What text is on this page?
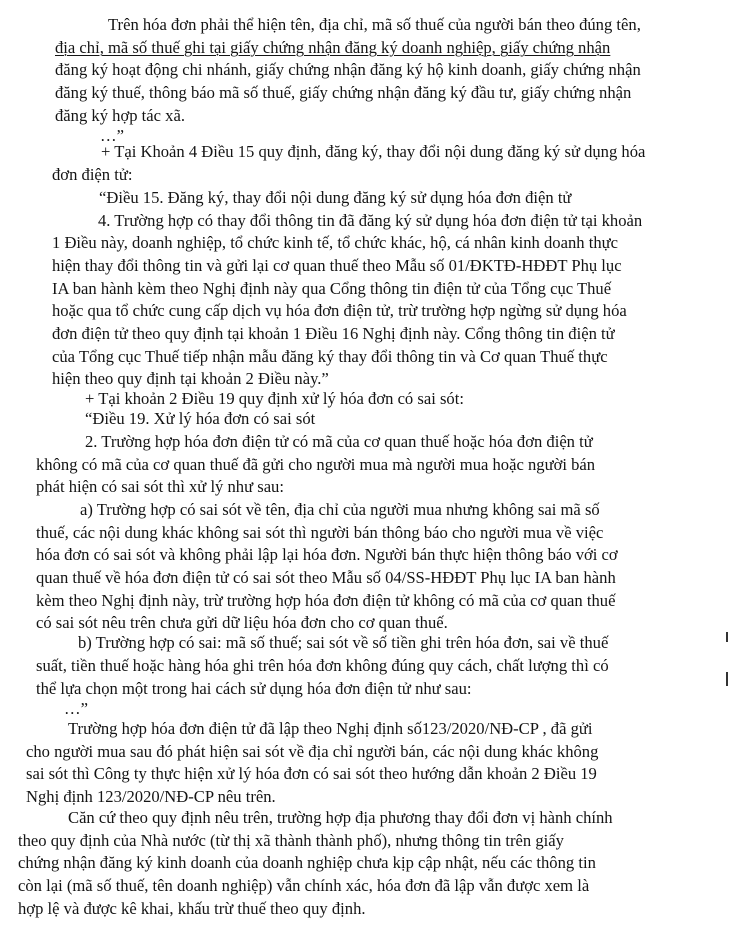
Trên hóa đơn phải thể hiện tên, địa chỉ, mã số thuế của người bán theo đúng tên,

địa chỉ, mã số thuế ghi tại giấy chứng nhận đăng ký doanh nghiệp, giấy chứng nhận

đăng ký hoạt động chi nhánh, giấy chứng nhận đăng ký hộ kinh doanh, giấy chứng nhận

đăng ký thuế, thông báo mã số thuế, giấy chứng nhận đăng ký đầu tư, giấy chứng nhận

đăng ký hợp tác xã.

…”

+ Tại Khoản 4 Điều 15 quy định, đăng ký, thay đổi nội dung đăng ký sử dụng hóa

đơn điện tử:

“Điều 15. Đăng ký, thay đổi nội dung đăng ký sử dụng hóa đơn điện tử

4. Trường hợp có thay đổi thông tin đã đăng ký sử dụng hóa đơn điện tử tại khoản

1 Điều này, doanh nghiệp, tổ chức kinh tế, tổ chức khác, hộ, cá nhân kinh doanh thực

hiện thay đổi thông tin và gửi lại cơ quan thuế theo Mẫu số 01/ĐKTĐ-HĐĐT Phụ lục

IA ban hành kèm theo Nghị định này qua Cổng thông tin điện tử của Tổng cục Thuế

hoặc qua tổ chức cung cấp dịch vụ hóa đơn điện tử, trừ trường hợp ngừng sử dụng hóa

đơn điện tử theo quy định tại khoản 1 Điều 16 Nghị định này. Cổng thông tin điện tử

của Tổng cục Thuế tiếp nhận mẫu đăng ký thay đổi thông tin và Cơ quan Thuế thực

hiện theo quy định tại khoản 2 Điều này.”

+ Tại khoản 2 Điều 19 quy định xử lý hóa đơn có sai sót:

“Điều 19. Xử lý hóa đơn có sai sót

2. Trường hợp hóa đơn điện tử có mã của cơ quan thuế hoặc hóa đơn điện tử

không có mã của cơ quan thuế đã gửi cho người mua mà người mua hoặc người bán

phát hiện có sai sót thì xử lý như sau:

a) Trường hợp có sai sót về tên, địa chỉ của người mua nhưng không sai mã số

thuế, các nội dung khác không sai sót thì người bán thông báo cho người mua về việc

hóa đơn có sai sót và không phải lập lại hóa đơn. Người bán thực hiện thông báo với cơ

quan thuế về hóa đơn điện tử có sai sót theo Mẫu số 04/SS-HĐĐT Phụ lục IA ban hành

kèm theo Nghị định này, trừ trường hợp hóa đơn điện tử không có mã của cơ quan thuế

có sai sót nêu trên chưa gửi dữ liệu hóa đơn cho cơ quan thuế.

b) Trường hợp có sai: mã số thuế; sai sót về số tiền ghi trên hóa đơn, sai về thuế

suất, tiền thuế hoặc hàng hóa ghi trên hóa đơn không đúng quy cách, chất lượng thì có

thể lựa chọn một trong hai cách sử dụng hóa đơn điện tử như sau:

…”

Trường hợp hóa đơn điện tử đã lập theo Nghị định số123/2020/NĐ-CP , đã gửi

cho người mua sau đó phát hiện sai sót về địa chỉ người bán, các nội dung khác không

sai sót thì Công ty thực hiện xử lý hóa đơn có sai sót theo hướng dẫn khoản 2 Điều 19

Nghị định 123/2020/NĐ-CP nêu trên.

Căn cứ theo quy định nêu trên, trường hợp địa phương thay đổi đơn vị hành chính

theo quy định của Nhà nước (từ thị xã thành thành phố), nhưng thông tin trên giấy

chứng nhận đăng ký kinh doanh của doanh nghiệp chưa kịp cập nhật, nếu các thông tin

còn lại (mã số thuế, tên doanh nghiệp) vẫn chính xác, hóa đơn đã lập vẫn được xem là

hợp lệ và được kê khai, khấu trừ thuế theo quy định.
